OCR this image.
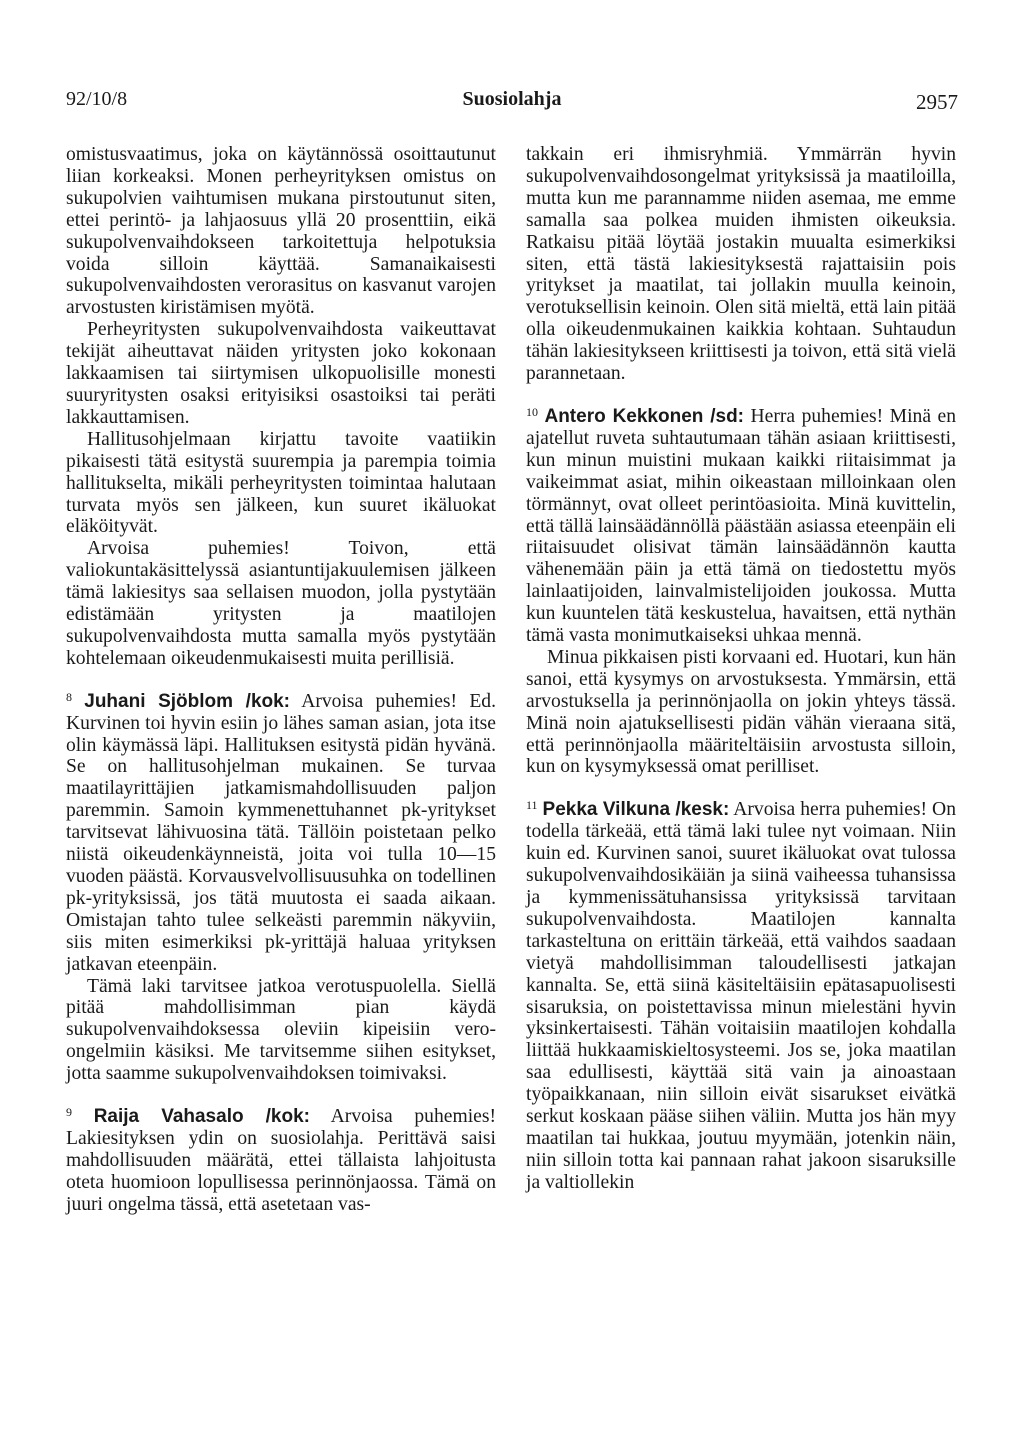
92/10/8	Suosiolahja	2957

omistusvaatimus, joka on käytännössä osoittautunut liian korkeaksi. Monen perheyrityksen omistus on sukupolvien vaihtumisen mukana pirstoutunut siten, ettei perintö- ja lahjaosuus yllä 20 prosenttiin, eikä sukupolvenvaihdokseen tarkoitettuja helpotuksia voida silloin käyttää. Samanaikaisesti sukupolvenvaihdosten verorasitus on kasvanut varojen arvostusten kiristämisen myötä.

Perheyritysten sukupolvenvaihdosta vaikeuttavat tekijät aiheuttavat näiden yritysten joko kokonaan lakkaamisen tai siirtymisen ulkopuolisille monesti suuryritysten osaksi erityisiksi osastoiksi tai peräti lakkauttamisen.

Hallitusohjelmaan kirjattu tavoite vaatiikin pikaisesti tätä esitystä suurempia ja parempia toimia hallitukselta, mikäli perheyritysten toimintaa halutaan turvata myös sen jälkeen, kun suuret ikäluokat eläköityvät.

Arvoisa puhemies! Toivon, että valiokuntakäsittelyssä asiantuntijakuulemisen jälkeen tämä lakiesitys saa sellaisen muodon, jolla pystytään edistämään yritysten ja maatilojen sukupolvenvaihdosta mutta samalla myös pystytään kohtelemaan oikeudenmukaisesti muita perillisiä.

$^8$ Juhani Sjöblom /kok: Arvoisa puhemies! Ed. Kurvinen toi hyvin esiin jo lähes saman asian, jota itse olin käymässä läpi. Hallituksen esitystä pidän hyvänä. Se on hallitusohjelman mukainen. Se turvaa maatilayrittäjien jatkamismahdollisuuden paljon paremmin. Samoin kymmenettuhannet pk-yritykset tarvitsevat lähivuosina tätä. Tällöin poistetaan pelko niistä oikeudenkäynneistä, joita voi tulla 10—15 vuoden päästä. Korvausvelvollisuusuhka on todellinen pk-yrityksissä, jos tätä muutosta ei saada aikaan. Omistajan tahto tulee selkeästi paremmin näkyviin, siis miten esimerkiksi pk-yrittäjä haluaa yrityksen jatkavan eteenpäin.

Tämä laki tarvitsee jatkoa verotuspuolella. Siellä pitää mahdollisimman pian käydä sukupolvenvaihdoksessa oleviin kipeisiin vero-ongelmiin käsiksi. Me tarvitsemme siihen esitykset, jotta saamme sukupolvenvaihdoksen toimivaksi.

$^9$ Raija Vahasalo /kok: Arvoisa puhemies! Lakiesityksen ydin on suosiolahja. Perittävä saisi mahdollisuuden määrätä, ettei tällaista lahjoitusta oteta huomioon lopullisessa perinnönjaossa. Tämä on juuri ongelma tässä, että asetetaan vas-

takkain eri ihmisryhmiä. Ymmärrän hyvin sukupolvenvaihdosongelmat yrityksissä ja maatiloilla, mutta kun me parannamme niiden asemaa, me emme samalla saa polkea muiden ihmisten oikeuksia. Ratkaisu pitää löytää jostakin muualta esimerkiksi siten, että tästä lakiesityksestä rajattaisiin pois yritykset ja maatilat, tai jollakin muulla keinoin, verotuksellisin keinoin. Olen sitä mieltä, että lain pitää olla oikeudenmukainen kaikkia kohtaan. Suhtaudun tähän lakiesitykseen kriittisesti ja toivon, että sitä vielä parannetaan.

$^{10}$ Antero Kekkonen /sd: Herra puhemies! Minä en ajatellut ruveta suhtautumaan tähän asiaan kriittisesti, kun minun muistini mukaan kaikki riitaisimmat ja vaikeimmat asiat, mihin oikeastaan milloinkaan olen törmännyt, ovat olleet perintöasioita. Minä kuvittelin, että tällä lainsäädännöllä päästään asiassa eteenpäin eli riitaisuudet olisivat tämän lainsäädännön kautta vähenemään päin ja että tämä on tiedostettu myös lainlaatijoiden, lainvalmistelijoiden joukossa. Mutta kun kuuntelen tätä keskustelua, havaitsen, että nythän tämä vasta monimutkaiseksi uhkaa mennä.

Minua pikkaisen pisti korvaani ed. Huotari, kun hän sanoi, että kysymys on arvostuksesta. Ymmärsin, että arvostuksella ja perinnönjaolla on jokin yhteys tässä. Minä noin ajatuksellisesti pidän vähän vieraana sitä, että perinnönjaolla määriteltäisiin arvostusta silloin, kun on kysymyksessä omat perilliset.

$^{11}$ Pekka Vilkuna /kesk: Arvoisa herra puhemies! On todella tärkeää, että tämä laki tulee nyt voimaan. Niin kuin ed. Kurvinen sanoi, suuret ikäluokat ovat tulossa sukupolvenvaihdosikäiän ja siinä vaiheessa tuhansissa ja kymmenissätuhansissa yrityksissä tarvitaan sukupolvenvaihdosta. Maatilojen kannalta tarkasteltuna on erittäin tärkeää, että vaihdos saadaan vietyä mahdollisimman taloudellisesti jatkajan kannalta. Se, että siinä käsiteltäisiin epätasapuolisesti sisaruksia, on poistettavissa minun mielestäni hyvin yksinkertaisesti. Tähän voitaisiin maatilojen kohdalla liittää hukkaamiskieltosysteemi. Jos se, joka maatilan saa edullisesti, käyttää sitä vain ja ainoastaan työpaikkanaan, niin silloin eivät sisarukset eivätkä serkut koskaan pääse siihen väliin. Mutta jos hän myy maatilan tai hukkaa, joutuu myymään, jotenkin näin, niin silloin totta kai pannaan rahat jakoon sisaruksille ja valtiollekin
